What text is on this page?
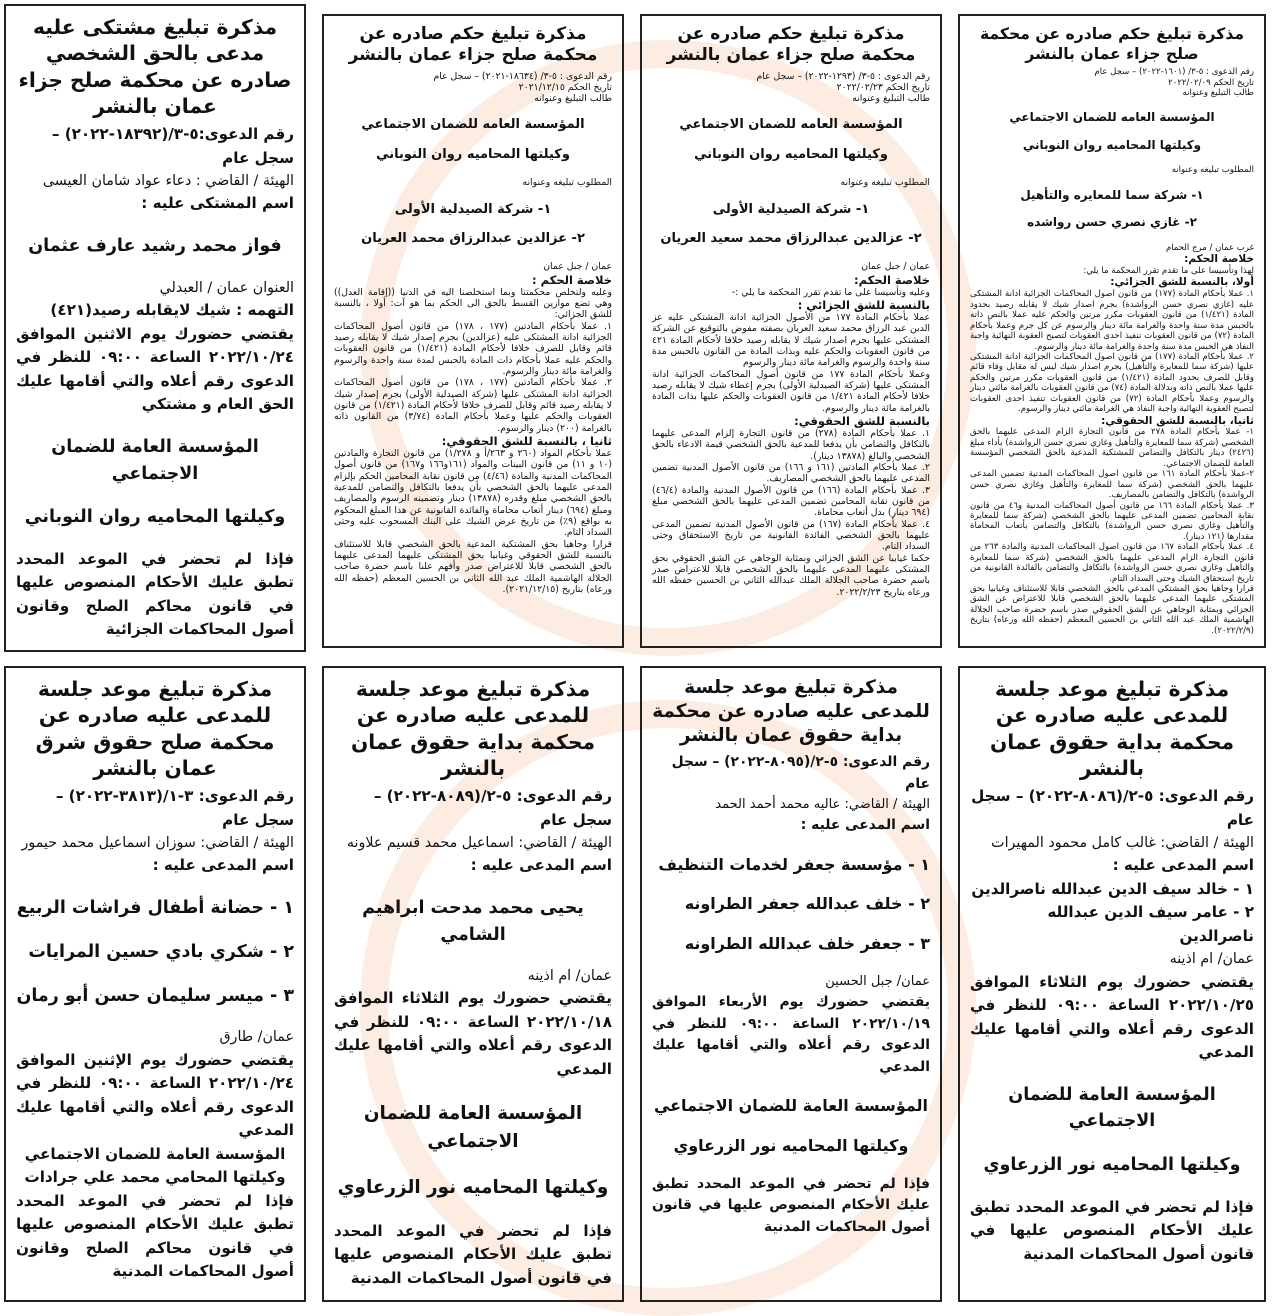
مذكرة تبليغ مشتكى عليه مدعى بالحق الشخصي صادره عن محكمة صلح جزاء عمان بالنشر

رقم الدعوى:٥-٣/(١٨٣٩٢-٢٠٢٢) – سجل عام

الهيئة / القاضي : دعاء عواد شامان العيسى

اسم المشتكى عليه :

فواز محمد رشيد عارف عثمان

العنوان عمان / العبدلي

التهمه : شيك لايقابله رصيد(٤٢١)

يقتضي حضورك يوم الاثنين الموافق ٢٠٢٢/١٠/٢٤ الساعة ٠٩:٠٠ للنظر في الدعوى رقم أعلاه والتي أقامها عليك الحق العام و مشتكي

المؤسسة العامة للضمان الاجتماعي

وكيلتها المحاميه روان النوباني

فإذا لم تحضر في الموعد المحدد تطبق عليك الأحكام المنصوص عليها في قانون محاكم الصلح وقانون أصول المحاكمات الجزائية

مذكرة تبليغ حكم صادره عن محكمة صلح جزاء عمان بالنشر

رقم الدعوى : ٥-٣/ (١٨٦٣٤-٢٠٢١) – سجل عام

تاريخ الحكم ٢٠٢١/١٢/١٥

طالب التبليغ وعنوانه

المؤسسة العامه للضمان الاجتماعي

وكيلتها المحاميه روان النوباني

المطلوب تبليغه وعنوانه

١- شركة الصيدلية الأولى

٢- عزالدين عبدالرزاق محمد العريان

عمان / جبل عمان

خلاصة الحكم :

وعليه ولتخلص محكمتنا وبما استخلصنا اليه في الدنيا ((إقامة العدل)) وهي تضع موازين القسط بالحق الى الحكم بما هو آت: أولا ، بالنسبة للشق الجزائي:

١. عملا بأحكام المادتين (١٧٧ ، ١٧٨) من قانون أصول المحاكمات الجزائية ادانة المشتكى عليه (عزالدين) بجرم إصدار شيك لا يقابله رصيد قائم وقابل للصرف خلافا لأحكام المادة (١/٤٢١) من قانون العقوبات والحكم عليه عملا بأحكام ذات المادة بالحبس لمدة سنة واحدة والرسوم والغرامة مائة دينار والرسوم.

٢. عملا بأحكام المادتين (١٧٧ ، ١٧٨) من قانون أصول المحاكمات الجزائية ادانة المشتكى عليها (شركة الصيدلية الأولى) بجرم إصدار شيك لا يقابله رصيد قائم وقابل للصرف خلافا لأحكام المادة (١/٤٢١) من قانون العقوبات والحكم عليها وعملا بأحكام المادة (٣/٧٤) من القانون ذاته بالغرامة (٢٠٠) دينار والرسوم.

ثانيا ، بالنسبة للشق الحقوقي:

عملا بأحكام المواد (٢٦٠ و ٢٦٣/أ و ١/٢٧٨) من قانون التجارة والمادتين (١٠ و ١١) من قانون البينات والمواد (١٦١و١٦٦ و١٦٧) من قانون أصول المحاكمات المدنية والمادة (٤/٤٦) من قانون نقابة المحامين الحكم بإلزام المدعى عليهما بالحق الشخصي بأن يدفعا بالتكافل والتضامن للمدعية بالحق الشخصي مبلغ وقدره (١٣٨٧٨) دينار وتضمينه الرسوم والمصاريف ومبلغ (٦٩٤) دينار أتعاب محاماة والفائدة القانونية عن هذا المبلغ المحكوم به بواقع (٩٪) من تاريخ عرض الشيك على البنك المسحوب عليه وحتى السداد التام.

قرارا وجاهيا بحق المشتكية المدعية بالحق الشخصي قابلا للاستئناف بالنسبة للشق الحقوقي وغيابيا بحق المشتكى عليهما المدعى عليهما بالحق الشخصي قابلا للاعتراض صدر وأفهم علنا باسم حضرة صاحب الجلالة الهاشمية الملك عبد الله الثاني بن الحسين المعظم (حفظه الله ورعاه) بتاريخ (٢٠٢١/١٢/١٥).

مذكرة تبليغ حكم صادره عن محكمة صلح جزاء عمان بالنشر

رقم الدعوى : ٥-٣/ (١٢٩٣-٢٠٢٢) – سجل عام

تاريخ الحكم ٢٠٢٢/٠٢/٢٣

طالب التبليغ وعنوانه

المؤسسة العامه للضمان الاجتماعي

وكيلتها المحاميه روان النوباني

المطلوب تبليغه وعنوانه

١- شركة الصيدلية الأولى

٢- عزالدين عبدالرزاق محمد سعيد العريان

عمان / جبل عمان

خلاصة الحكم:

وعليه وتأسيسا على ما تقدم تقرر المحكمة ما يلي :-

بالنسبة للشق الجزائي :

عملا بأحكام المادة ١٧٧ من الأصول الجزائية ادانة المشتكى عليه عز الدين عبد الرزاق محمد سعيد العريان بصفته مفوض بالتوقيع عن الشركة المشتكى عليها بجرم اصدار شيك لا يقابله رصيد خلافا لأحكام المادة ٤٢١ من قانون العقوبات والحكم عليه وبذات المادة من القانون بالحبس مدة سنة واحدة والرسوم والغرامة مائة دينار والرسوم

وعملا بأحكام المادة ١٧٧ من قانون أصول المحاكمات الجزائية ادانة المشتكى عليها (شركة الصيدلية الأولى) بجرم إعطاء شيك لا يقابله رصيد خلافا لأحكام المادة ١/٤٢١ من قانون العقوبات والحكم عليها بذات المادة بالغرامة مائة دينار والرسوم.

بالنسبة للشق الحقوقي:

١. عملا بأحكام المادة (٢٧٨) من قانون التجارة إلزام المدعى عليهما بالتكافل والتضامن بأن يدفعا للمدعية بالحق الشخصي قيمة الادعاء بالحق الشخصي والبالغ (١٣٨٧٨ دينار).

٢. عملا بأحكام المادتين (١٦١ و ١٦٦) من قانون الأصول المدنية تضمين المدعى عليهما بالحق الشخصي المصاريف.

٣. عملا بأحكام المادة (١٦٦) من قانون الأصول المدنية والمادة (٤٦/٤) من قانون نقابة المحامين تضمين المدعى عليهما بالحق الشخصي مبلغ (٦٩٤ دينار) بدل أتعاب محاماة.

٤. عملا بأحكام المادة (١٦٧) من قانون الأصول المدنية تضمين المدعى عليهما بالحق الشخصي الفائدة القانونية من تاريخ الاستحقاق وحتى السداد التام.

حكما غيابيا عن الشق الجزائي وبمثابة الوجاهي عن الشق الحقوقي بحق المشتكى عليهما المدعى عليهما بالحق الشخصي قابلا للاعتراض صدر باسم حضرة صاحب الجلالة الملك عبدالله الثاني بن الحسين حفظه الله ورعاه بتاريخ ٢٠٢٢/٢/٢٣.

مذكرة تبليغ حكم صادره عن محكمة صلح جزاء عمان بالنشر

رقم الدعوى : ٥-٣/ (١٦٠١-٢٠٢٢) – سجل عام

تاريخ الحكم ٢٠٢٢/٠٢/٠٩

طالب التبليغ وعنوانه

المؤسسة العامه للضمان الاجتماعي

وكيلتها المحاميه روان النوباني

المطلوب تبليغه وعنوانه

١- شركة سما للمعايره والتأهيل

٢- غازي نصري حسن رواشده

غرب عمان / مرج الحمام

خلاصة الحكم:

لهذا وتأسيسا على ما تقدم تقرر المحكمة ما يلي:

أولا، بالنسبة للشق الجزائي:

١. عملا بأحكام المادة (١٧٧) من قانون اصول المحاكمات الجزائية ادانة المشتكى عليه (غازي نصري حسن الرواشدة) بجرم اصدار شيك لا يقابله رصيد بحدود المادة (١/٤٢١) من قانون العقوبات مكرر مرتين والحكم عليه عملا بالنص ذاته بالحبس مدة سنة واحدة والغرامة مائة دينار والرسوم عن كل جرم وعملا بأحكام المادة (٧٢) من قانون العقوبات تنفيذ احدى العقوبات لتصبح العقوبة النهائية واجبة النفاذ هي الحبس مدة سنة واحدة والغرامة مائة دينار والرسوم.

٢. عملا بأحكام المادة (١٧٧) من قانون اصول المحاكمات الجزائية ادانة المشتكى عليها (شركة سما للمعايرة والتأهيل) بجرم اصدار شيك ليس له مقابل وفاء قائم وقابل للصرف بحدود المادة (١/٤٢١) من قانون العقوبات مكرر مرتين والحكم عليها عملا بالنص ذاته وبدلالة المادة (٧٤) من قانون العقوبات بالغرامة مائتي دينار والرسوم وعملا بأحكام المادة (٧٢) من قانون العقوبات تنفيذ احدى العقوبات لتصبح العقوبة النهائية واجبة النفاذ هي الغرامة مائتي دينار والرسوم.

ثانيا، بالنسبة للشق الحقوقي:

١- عملا بأحكام المادة ٢٧٨ من قانون التجارة الزام المدعى عليهما بالحق الشخصي (شركة سما للمعايرة والتأهيل وغازي نصري حسن الرواشدة) بأداء مبلغ (٢٤٢٦) دينار بالتكافل والتضامن للمشتكية المدعية بالحق الشخصي المؤسسة العامة للضمان الاجتماعي.

٢-عملا بأحكام المادة ١٦١ من قانون اصول المحاكمات المدنية تضمين المدعى عليهما بالحق الشخصي (شركة سما للمعايرة والتأهيل وغازي نصري حسن الرواشدة) بالتكافل والتضامن بالمصاريف.

٣. عملا بأحكام المادة ١٦٦ من قانون أصول المحاكمات المدنية و٤٦ من قانون نقابة المحامين تضمين المدعى عليهما بالحق الشخصي (شركة سما للمعايرة والتأهيل وغازي نصري حسن الرواشدة) بالتكافل والتضامن بأتعاب المحاماة مقدارها (١٢١ دينار).

٤. عملا بأحكام المادة ١٦٧ من قانون اصول المحاكمات المدنية والمادة ٢٦٣ من قانون التجارة الزام المدعى عليهما بالحق الشخصي (شركة سما للمعايرة والتأهيل وغازي نصري حسن الرواشدة) بالتكافل والتضامن بالفائدة القانونية من تاريخ استحقاق الشيك وحتى السداد التام.

قرارا وجاهيا بحق المشتكي المدعي بالحق الشخصي قابلا للاستئناف وغيابيا بحق المشتكى عليهما المدعى عليهما بالحق الشخصي قابلا للاعتراض عن الشق الجزائي وبمثابة الوجاهي عن الشق الحقوقي صدر باسم حضرة صاحب الجلالة الهاشمية الملك عبد الله الثاني بن الحسين المعظم (حفظه الله ورعاه) بتاريخ (٢٠٢٢/٢/٩).

مذكرة تبليغ موعد جلسة للمدعى عليه صادره عن محكمة صلح حقوق شرق عمان بالنشر

رقم الدعوى: ٣-١/(٣٨١٣-٢٠٢٢) – سجل عام

الهيئة / القاضي: سوزان اسماعيل محمد حيمور

اسم المدعى عليه :

١ - حضانة أطفال فراشات الربيع

٢ - شكري بادي حسين المرايات

٣ - ميسر سليمان حسن أبو رمان

عمان/ طارق

يقتضي حضورك يوم الإثنين الموافق ٢٠٢٢/١٠/٢٤ الساعة ٠٩:٠٠ للنظر في الدعوى رقم أعلاه والتي أقامها عليك المدعي

المؤسسة العامة للضمان الاجتماعي

وكيلتها المحامي محمد علي جرادات

فإذا لم تحضر في الموعد المحدد تطبق عليك الأحكام المنصوص عليها في قانون محاكم الصلح وقانون أصول المحاكمات المدنية

مذكرة تبليغ موعد جلسة للمدعى عليه صادره عن محكمة بداية حقوق عمان بالنشر

رقم الدعوى: ٥-٢/(٨٠٨٩-٢٠٢٢) – سجل عام

الهيئة / القاضي: اسماعيل محمد قسيم علاونه

اسم المدعى عليه :

يحيى محمد مدحت ابراهيم الشامي

عمان/ ام اذينه

يقتضي حضورك يوم الثلاثاء الموافق ٢٠٢٢/١٠/١٨ الساعة ٠٩:٠٠ للنظر في الدعوى رقم أعلاه والتي أقامها عليك المدعي

المؤسسة العامة للضمان الاجتماعي

وكيلتها المحاميه نور الزرعاوي

فإذا لم تحضر في الموعد المحدد تطبق عليك الأحكام المنصوص عليها في قانون أصول المحاكمات المدنية

مذكرة تبليغ موعد جلسة للمدعى عليه صادره عن محكمة بداية حقوق عمان بالنشر

رقم الدعوى: ٥-٢/(٨٠٩٥-٢٠٢٢) – سجل عام

الهيئة / القاضي: عاليه محمد أحمد الحمد

اسم المدعى عليه :

١ - مؤسسة جعفر لخدمات التنظيف

٢ - خلف عبدالله جعفر الطراونه

٣ - جعفر خلف عبدالله الطراونه

عمان/ جبل الحسين

يقتضي حضورك يوم الأربعاء الموافق ٢٠٢٢/١٠/١٩ الساعة ٠٩:٠٠ للنظر في الدعوى رقم أعلاه والتي أقامها عليك المدعي

المؤسسة العامة للضمان الاجتماعي

وكيلتها المحاميه نور الزرعاوي

فإذا لم تحضر في الموعد المحدد تطبق عليك الأحكام المنصوص عليها في قانون أصول المحاكمات المدنية

مذكرة تبليغ موعد جلسة للمدعى عليه صادره عن محكمة بداية حقوق عمان بالنشر

رقم الدعوى: ٥-٢/(٨٠٨٦-٢٠٢٢) – سجل عام

الهيئة / القاضي: غالب كامل محمود المهيرات

اسم المدعى عليه :

١ - خالد سيف الدين عبدالله ناصرالدين

٢ - عامر سيف الدين عبدالله ناصرالدين

عمان/ ام اذينه

يقتضي حضورك يوم الثلاثاء الموافق ٢٠٢٢/١٠/٢٥ الساعة ٠٩:٠٠ للنظر في الدعوى رقم أعلاه والتي أقامها عليك المدعي

المؤسسة العامة للضمان الاجتماعي

وكيلتها المحاميه نور الزرعاوي

فإذا لم تحضر في الموعد المحدد تطبق عليك الأحكام المنصوص عليها في قانون أصول المحاكمات المدنية
